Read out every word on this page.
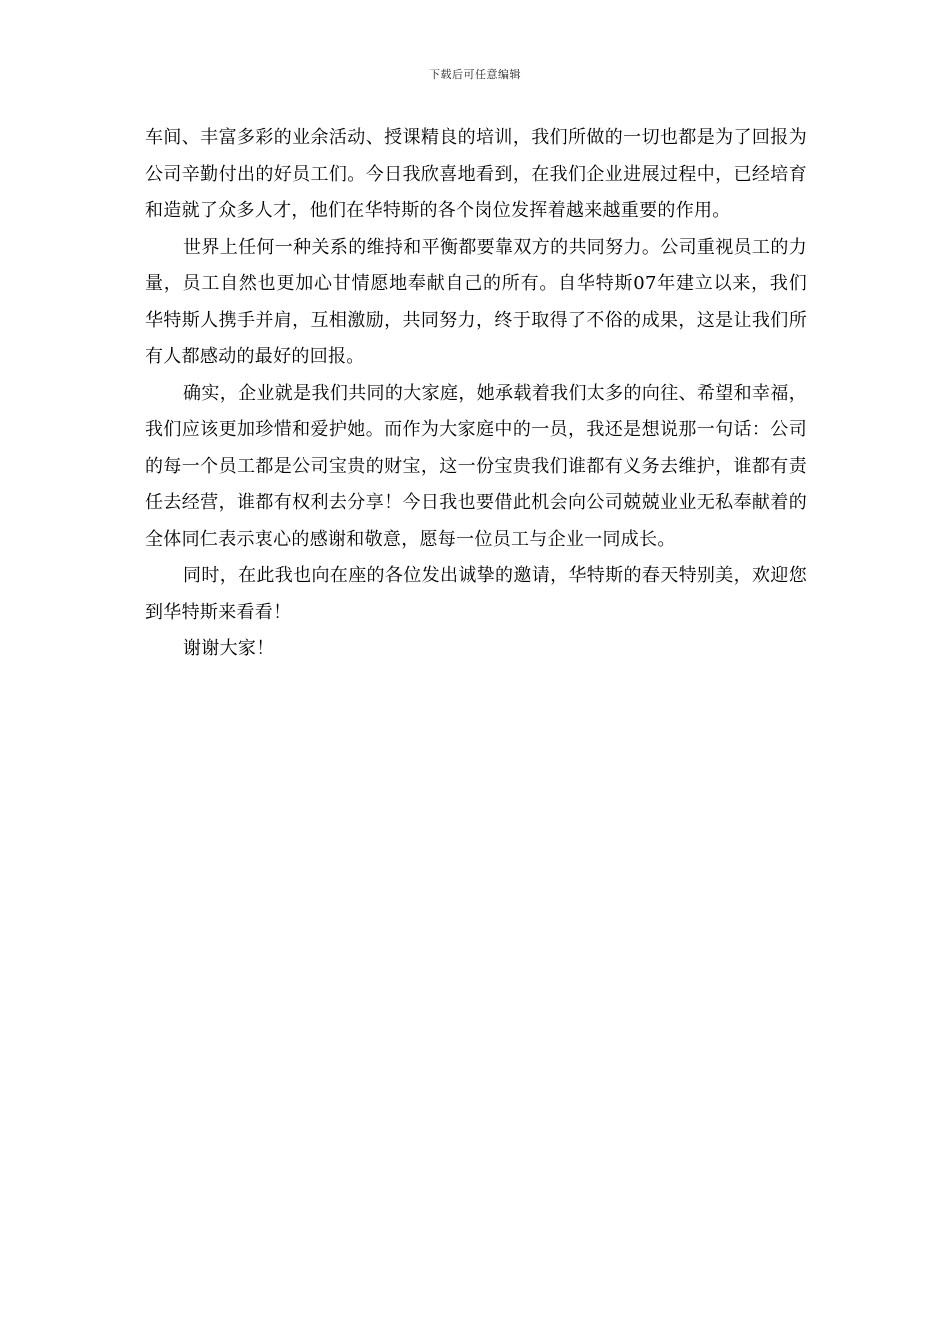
下载后可任意编辑

车间、丰富多彩的业余活动、授课精良的培训，我们所做的一切也都是为了回报为公司辛勤付出的好员工们。今日我欣喜地看到，在我们企业进展过程中，已经培育和造就了众多人才，他们在华特斯的各个岗位发挥着越来越重要的作用。

世界上任何一种关系的维持和平衡都要靠双方的共同努力。公司重视员工的力量，员工自然也更加心甘情愿地奉献自己的所有。自华特斯07年建立以来，我们华特斯人携手并肩，互相激励，共同努力，终于取得了不俗的成果，这是让我们所有人都感动的最好的回报。

确实，企业就是我们共同的大家庭，她承载着我们太多的向往、希望和幸福，我们应该更加珍惜和爱护她。而作为大家庭中的一员，我还是想说那一句话：公司的每一个员工都是公司宝贵的财宝，这一份宝贵我们谁都有义务去维护，谁都有责任去经营，谁都有权利去分享！今日我也要借此机会向公司兢兢业业无私奉献着的全体同仁表示衷心的感谢和敬意，愿每一位员工与企业一同成长。

同时，在此我也向在座的各位发出诚挚的邀请，华特斯的春天特别美，欢迎您到华特斯来看看！

谢谢大家！
